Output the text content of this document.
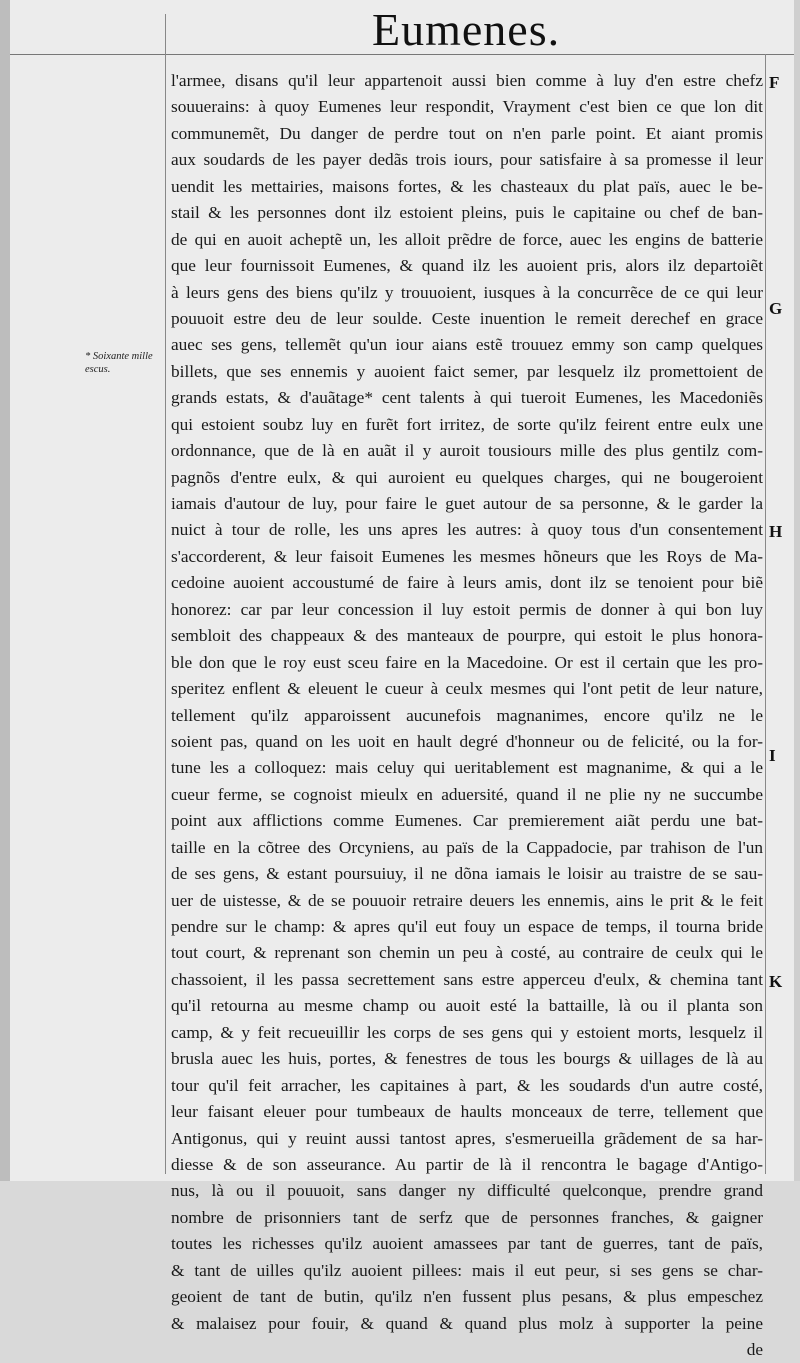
Eumenes.
* Soixante mille escus.
F
G
H
I
K
l'armee, disans qu'il leur appartenoit aussi bien comme à luy d'en estre chefz
souuerains: à quoy Eumenes leur respondit, Vrayment c'est bien ce que lon dit
communemẽt, Du danger de perdre tout on n'en parle point. Et aiant promis
aux soudards de les payer dedãs trois iours, pour satisfaire à sa promesse il leur
uendit les mettairies, maisons fortes, & les chasteaux du plat païs, auec le be-
stail & les personnes dont ilz estoient pleins, puis le capitaine ou chef de ban-
de qui en auoit acheptẽ un, les alloit prẽdre de force, auec les engins de batterie
que leur fournissoit Eumenes, & quand ilz les auoient pris, alors ilz departoiẽt
à leurs gens des biens qu'ilz y trouuoient, iusques à la concurrẽce de ce qui leur
pouuoit estre deu de leur soulde. Ceste inuention le remeit derechef en grace
auec ses gens, tellemẽt qu'un iour aians estẽ trouuez emmy son camp quelques
billets, que ses ennemis y auoient faict semer, par lesquelz ilz promettoient de
grands estats, & d'auãtage* cent talents à qui tueroit Eumenes, les Macedoniẽs
qui estoient soubz luy en furẽt fort irritez, de sorte qu'ilz feirent entre eulx une
ordonnance, que de là en auãt il y auroit tousiours mille des plus gentilz com-
pagnõs d'entre eulx, & qui auroient eu quelques charges, qui ne bougeroient
iamais d'autour de luy, pour faire le guet autour de sa personne, & le garder la
nuict à tour de rolle, les uns apres les autres: à quoy tous d'un consentement
s'accorderent, & leur faisoit Eumenes les mesmes hõneurs que les Roys de Ma-
cedoine auoient accoustumé de faire à leurs amis, dont ilz se tenoient pour biẽ
honorez: car par leur concession il luy estoit permis de donner à qui bon luy
sembloit des chappeaux & des manteaux de pourpre, qui estoit le plus honora-
ble don que le roy eust sceu faire en la Macedoine. Or est il certain que les pro-
speritez enflent & eleuent le cueur à ceulx mesmes qui l'ont petit de leur nature,
tellement qu'ilz apparoissent aucunefois magnanimes, encore qu'ilz ne le
soient pas, quand on les uoit en hault degré d'honneur ou de felicité, ou la for-
tune les a colloquez: mais celuy qui ueritablement est magnanime, & qui a le
cueur ferme, se cognoist mieulx en aduersité, quand il ne plie ny ne succumbe
point aux afflictions comme Eumenes. Car premierement aiãt perdu une bat-
taille en la cõtree des Orcyniens, au païs de la Cappadocie, par trahison de l'un
de ses gens, & estant poursuiuy, il ne dõna iamais le loisir au traistre de se sau-
uer de uistesse, & de se pouuoir retraire deuers les ennemis, ains le prit & le feit
pendre sur le champ: & apres qu'il eut fouy un espace de temps, il tourna bride
tout court, & reprenant son chemin un peu à costé, au contraire de ceulx qui le
chassoient, il les passa secrettement sans estre apperceu d'eulx, & chemina tant
qu'il retourna au mesme champ ou auoit esté la battaille, là ou il planta son
camp, & y feit recueuillir les corps de ses gens qui y estoient morts, lesquelz il
brusla auec les huis, portes, & fenestres de tous les bourgs & uillages de là au
tour qu'il feit arracher, les capitaines à part, & les soudards d'un autre costé,
leur faisant eleuer pour tumbeaux de haults monceaux de terre, tellement que
Antigonus, qui y reuint aussi tantost apres, s'esmerueilla grãdement de sa har-
diesse & de son asseurance. Au partir de là il rencontra le bagage d'Antigo-
nus, là ou il pouuoit, sans danger ny difficulté quelconque, prendre grand
nombre de prisonniers tant de serfz que de personnes franches, & gaigner
toutes les richesses qu'ilz auoient amassees par tant de guerres, tant de païs,
& tant de uilles qu'ilz auoient pillees: mais il eut peur, si ses gens se char-
geoient de tant de butin, qu'ilz n'en fussent plus pesans, & plus empeschez
& malaisez pour fouir, & quand & quand plus molz à supporter la peine
de
